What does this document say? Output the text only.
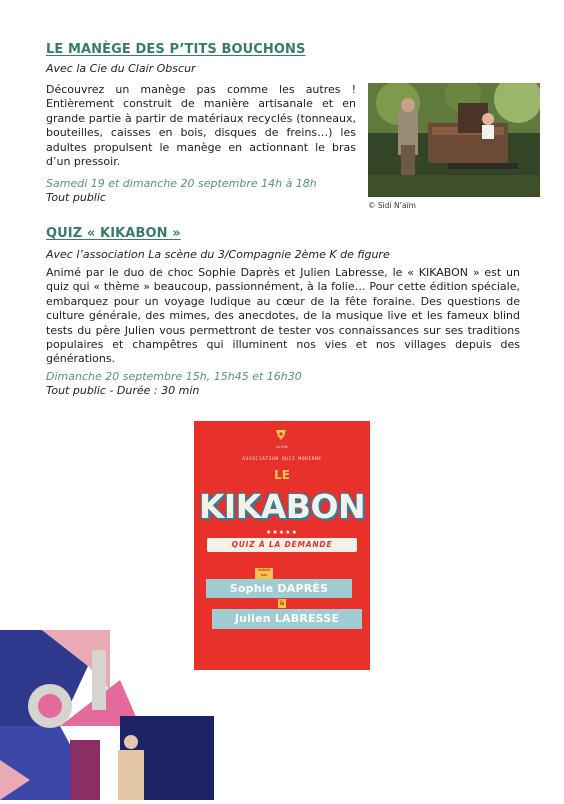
LE MANÈGE DES P’TITS BOUCHONS

Avec la Cie du Clair Obscur

Découvrez un manège pas comme les autres ! Entièrement construit de manière artisanale et en grande partie à partir de matériaux recyclés (tonneaux, bouteilles, caisses en bois, disques de freins…) les adultes propulsent le manège en actionnant le bras d’un pressoir.

Samedi 19 et dimanche 20 septembre 14h à 18h

Tout public

© Sidi N’aïm

QUIZ « KIKABON »

Avec l’association La scène du 3/Compagnie 2ème K de figure

Animé par le duo de choc Sophie Daprès et Julien Labresse, le « KIKABON » est un quiz qui « thème » beaucoup, passionnément, à la folie… Pour cette édition spéciale, embarquez pour un voyage ludique au cœur de la fête foraine. Des questions de culture générale, des mimes, des anecdotes, de la musique live et les fameux blind tests du père Julien vous permettront de tester vos connaissances sur ses traditions populaires et champêtres qui illuminent nos vies et nos villages depuis des générations.

Dimanche 20 septembre 15h, 15h45 et 16h30

Tout public - Durée : 30 min

Le Dirk

ASSOCIATION QUIZ MODERNE

LE

KIKABON

★★★★★

QUIZ À LA DEMANDE
animé par
Sophie DAPRÈS
&
Julien LABRESSE
